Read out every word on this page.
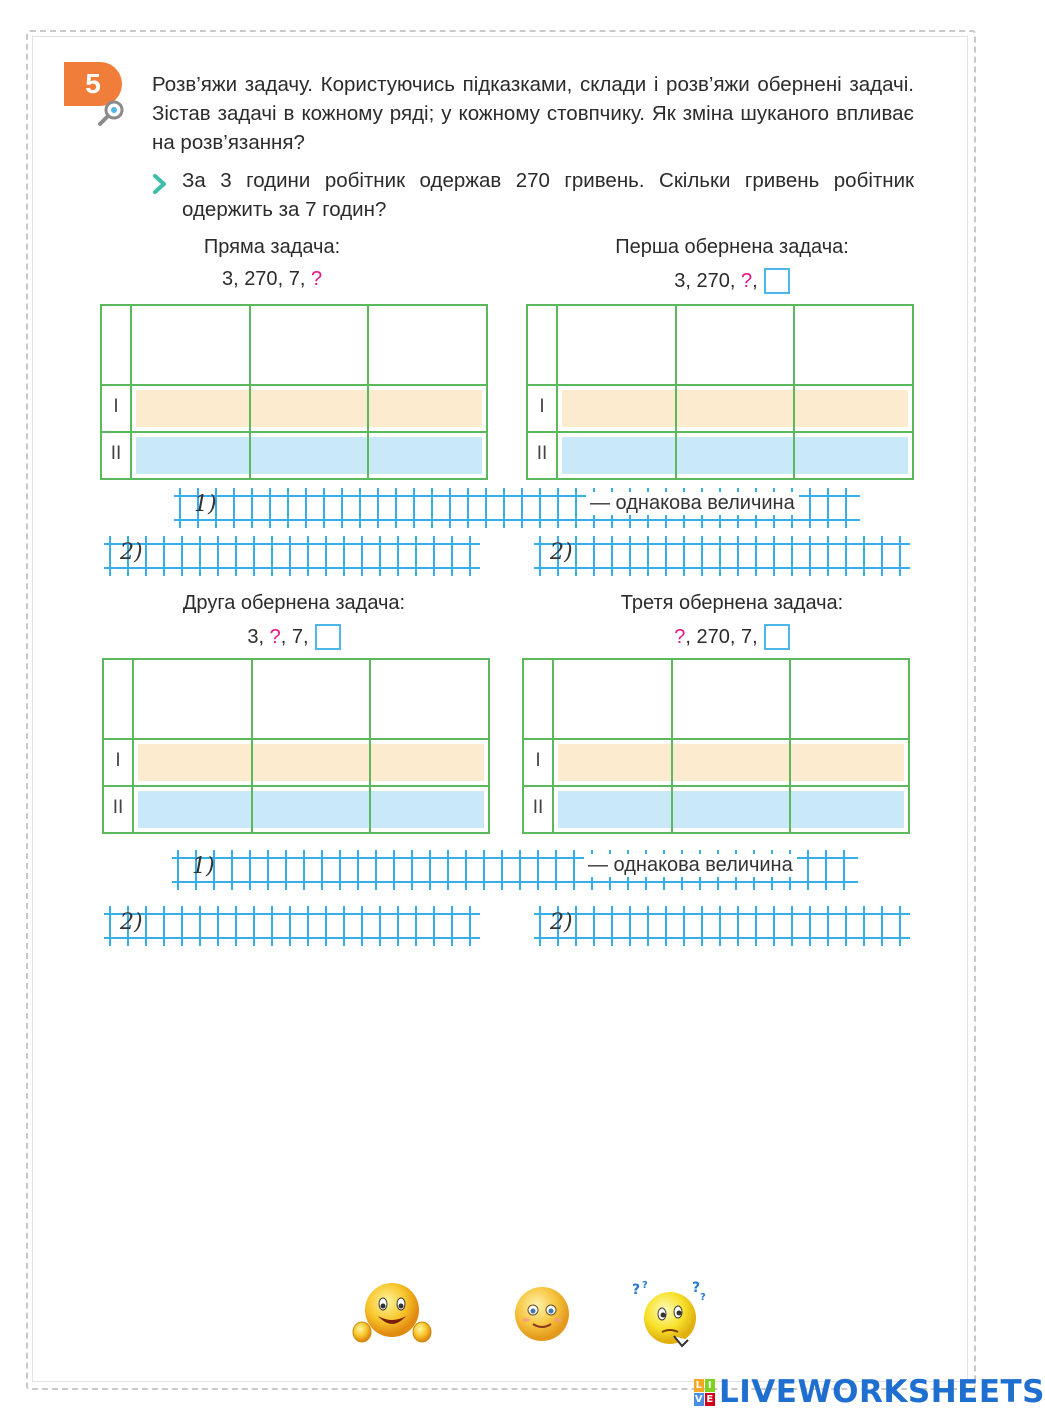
5	Розв’яжи задачу. Користуючись підказками, склади і розв’яжи обернені задачі. Зістав задачі в кожному ряді; у кожному стовпчику. Як зміна шуканого впливає на розв’язання?
За 3 години робітник одержав 270 гривень. Скільки гривень робітник одержить за 7 годин?
Пряма задача:
3 , 270 , 7 , ?
Перша обернена задача:
3 , 270 , ? ,
I
II
I
II
1)	— однакова величина
2)	2)
Друга обернена задача:
3 , ? , 7 ,
Третя обернена задача:
? , 270 , 7 ,
I
II
I
II
1)	— однакова величина
2)	2)
? ?	?
?
L I
V E LIVEWORKSHEETS
